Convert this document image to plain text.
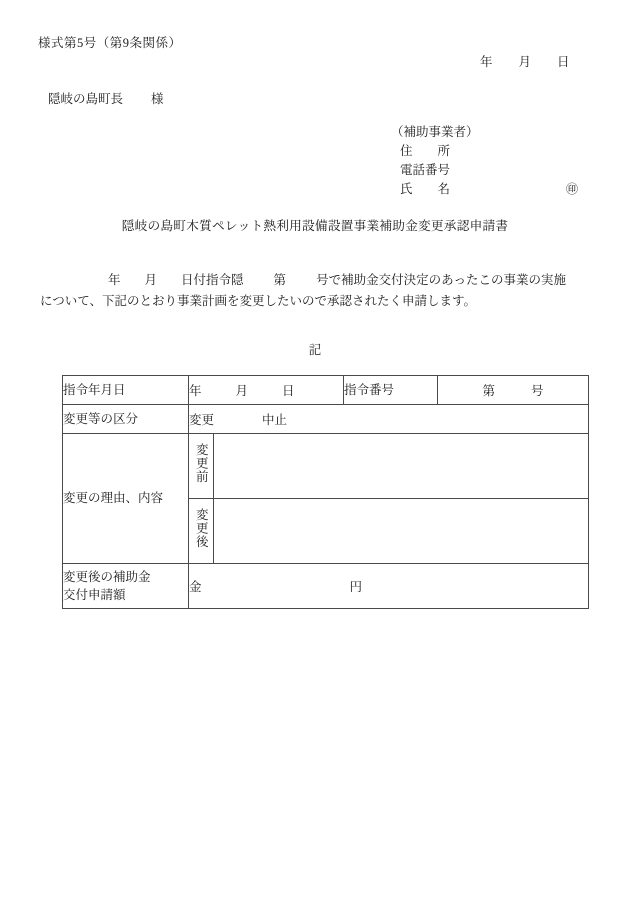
様式第5号（第9条関係）
年 月 日
隠岐の島町長 様
（補助事業者）
住　　所
電話番号
氏　　名	㊞
隠岐の島町木質ペレット熱利用設備設置事業補助金変更承認申請書
年 月 日付指令隠 第 号で補助金交付決定のあったこの事業の実施
について、下記のとおり事業計画を変更したいので承認されたく申請します。
記
指令年月日	年 月 日		指令番号	第 号
変更等の区分	変更 中止			
変更の理由、内容	変更前			
	変更後			

変更後の補助金
交付申請額	金 円			
